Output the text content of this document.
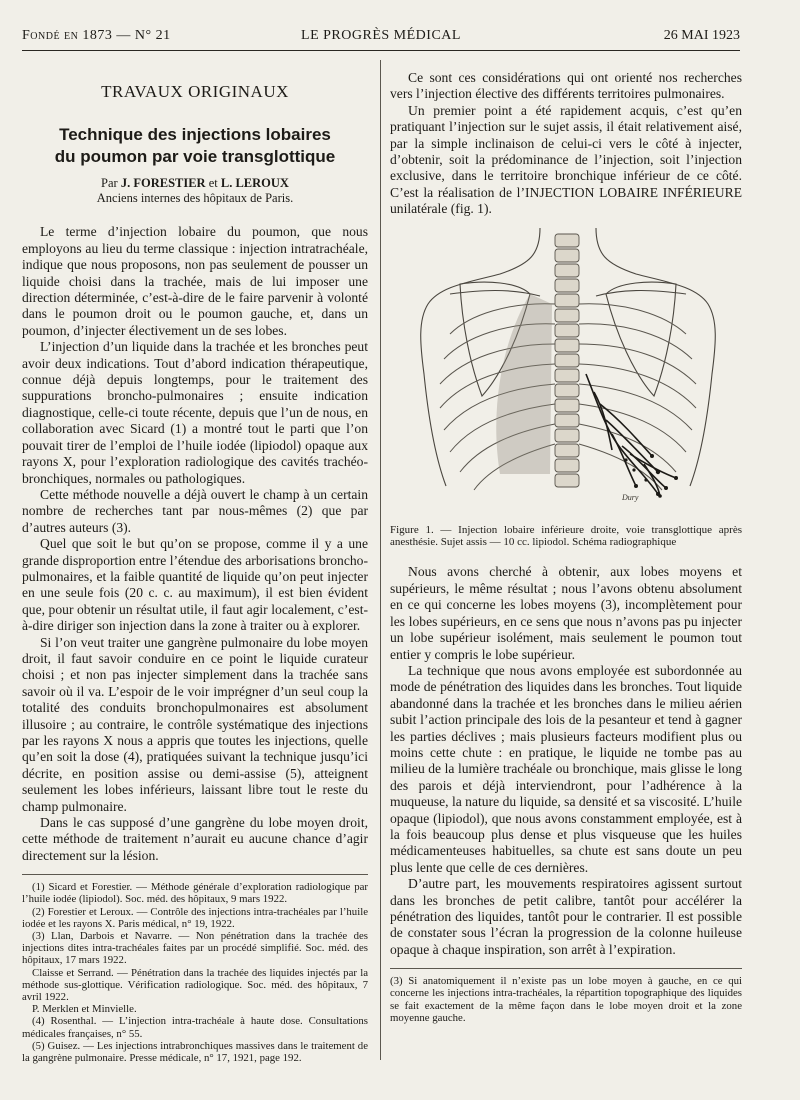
Fondé en 1873 — N° 21	LE PROGRÈS MÉDICAL	26 MAI 1923
TRAVAUX ORIGINAUX
Technique des injections lobaires
du poumon par voie transglottique
Par J. FORESTIER et L. LEROUX
Anciens internes des hôpitaux de Paris.

Le terme d’injection lobaire du poumon, que nous employons au lieu du terme classique : injection intratrachéale, indique que nous proposons, non pas seulement de pousser un liquide choisi dans la trachée, mais de lui imposer une direction déterminée, c’est-à-dire de le faire parvenir à volonté dans le poumon droit ou le poumon gauche, et, dans un poumon, d’injecter électivement un de ses lobes.

L’injection d’un liquide dans la trachée et les bronches peut avoir deux indications. Tout d’abord indication thérapeutique, connue déjà depuis longtemps, pour le traitement des suppurations broncho-pulmonaires ; ensuite indication diagnostique, celle-ci toute récente, depuis que l’un de nous, en collaboration avec Sicard (1) a montré tout le parti que l’on pouvait tirer de l’emploi de l’huile iodée (lipiodol) opaque aux rayons X, pour l’exploration radiologique des cavités trachéo-bronchiques, normales ou pathologiques.

Cette méthode nouvelle a déjà ouvert le champ à un certain nombre de recherches tant par nous-mêmes (2) que par d’autres auteurs (3).

Quel que soit le but qu’on se propose, comme il y a une grande disproportion entre l’étendue des arborisations broncho-pulmonaires, et la faible quantité de liquide qu’on peut injecter en une seule fois (20 c. c. au maximum), il est bien évident que, pour obtenir un résultat utile, il faut agir localement, c’est-à-dire diriger son injection dans la zone à traiter ou à explorer.

Si l’on veut traiter une gangrène pulmonaire du lobe moyen droit, il faut savoir conduire en ce point le liquide curateur choisi ; et non pas injecter simplement dans la trachée sans savoir où il va. L’espoir de le voir imprégner d’un seul coup la totalité des conduits bronchopulmonaires est absolument illusoire ; au contraire, le contrôle systématique des injections par les rayons X nous a appris que toutes les injections, quelle qu’en soit la dose (4), pratiquées suivant la technique jusqu’ici décrite, en position assise ou demi-assise (5), atteignent seulement les lobes inférieurs, laissant libre tout le reste du champ pulmonaire.

Dans le cas supposé d’une gangrène du lobe moyen droit, cette méthode de traitement n’aurait eu aucune chance d’agir directement sur la lésion.

(1) Sicard et Forestier. — Méthode générale d’exploration radiologique par l’huile iodée (lipiodol). Soc. méd. des hôpitaux, 9 mars 1922.

(2) Forestier et Leroux. — Contrôle des injections intra-trachéales par l’huile iodée et les rayons X. Paris médical, n° 19, 1922.

(3) Llan, Darbois et Navarre. — Non pénétration dans la trachée des injections dites intra-trachéales faites par un procédé simplifié. Soc. méd. des hôpitaux, 17 mars 1922.

Claisse et Serrand. — Pénétration dans la trachée des liquides injectés par la méthode sus-glottique. Vérification radiologique. Soc. méd. des hôpitaux, 7 avril 1922.

P. Merklen et Minvielle.

(4) Rosenthal. — L’injection intra-trachéale à haute dose. Consultations médicales françaises, n° 55.

(5) Guisez. — Les injections intrabronchiques massives dans le traitement de la gangrène pulmonaire. Presse médicale, n° 17, 1921, page 192.

Ce sont ces considérations qui ont orienté nos recherches vers l’injection élective des différents territoires pulmonaires.

Un premier point a été rapidement acquis, c’est qu’en pratiquant l’injection sur le sujet assis, il était relativement aisé, par la simple inclinaison de celui-ci vers le côté à injecter, d’obtenir, soit la prédominance de l’injection, soit l’injection exclusive, dans le territoire bronchique inférieur de ce côté. C’est la réalisation de l’INJECTION LOBAIRE INFÉRIEURE unilatérale (fig. 1).

Dury
Figure 1. — Injection lobaire inférieure droite, voie transglottique après anesthésie. Sujet assis — 10 cc. lipiodol. Schéma radiographique

Nous avons cherché à obtenir, aux lobes moyens et supérieurs, le même résultat ; nous l’avons obtenu absolument en ce qui concerne les lobes moyens (3), incomplètement pour les lobes supérieurs, en ce sens que nous n’avons pas pu injecter un lobe supérieur isolément, mais seulement le poumon tout entier y compris le lobe supérieur.

La technique que nous avons employée est subordonnée au mode de pénétration des liquides dans les bronches. Tout liquide abandonné dans la trachée et les bronches dans le milieu aérien subit l’action principale des lois de la pesanteur et tend à gagner les parties déclives ; mais plusieurs facteurs modifient plus ou moins cette chute : en pratique, le liquide ne tombe pas au milieu de la lumière trachéale ou bronchique, mais glisse le long des parois et déjà interviendront, pour l’adhérence à la muqueuse, la nature du liquide, sa densité et sa viscosité. L’huile opaque (lipiodol), que nous avons constamment employée, est à la fois beaucoup plus dense et plus visqueuse que les huiles médicamenteuses habituelles, sa chute est sans doute un peu plus lente que celle de ces dernières.

D’autre part, les mouvements respiratoires agissent surtout dans les bronches de petit calibre, tantôt pour accélérer la pénétration des liquides, tantôt pour le contrarier. Il est possible de constater sous l’écran la progression de la colonne huileuse opaque à chaque inspiration, son arrêt à l’expiration.

(3) Si anatomiquement il n’existe pas un lobe moyen à gauche, en ce qui concerne les injections intra-trachéales, la répartition topographique des liquides se fait exactement de la même façon dans le lobe moyen droit et la zone moyenne gauche.
